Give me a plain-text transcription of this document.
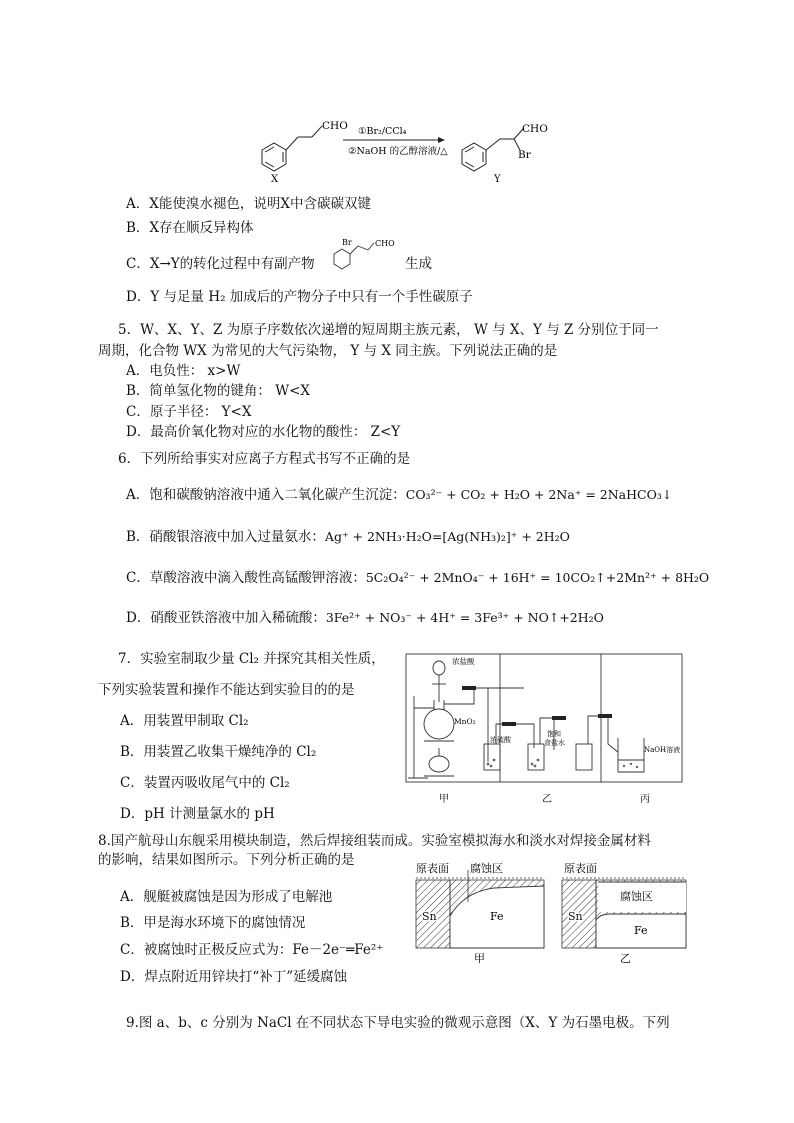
CHO
X
①Br₂/CCl₄
②NaOH 的乙醇溶液/△
CHO
Br
Y
A．X能使溴水褪色，说明X中含碳碳双键
B．X存在顺反异构体
C．X→Y的转化过程中有副产物
Br	CHO
生成
D．Y 与足量 H₂ 加成后的产物分子中只有一个手性碳原子
5．W、X、Y、Z 为原子序数依次递增的短周期主族元素， W 与 X、Y 与 Z 分别位于同一
周期，化合物 WX 为常见的大气污染物， Y 与 X 同主族。下列说法正确的是
A．电负性： x>W
B．简单氢化物的键角： W<X
C．原子半径： Y<X
D．最高价氧化物对应的水化物的酸性： Z<Y
6．下列所给事实对应离子方程式书写不正确的是
A．饱和碳酸钠溶液中通入二氧化碳产生沉淀：CO₃²⁻ + CO₂ + H₂O + 2Na⁺ = 2NaHCO₃↓
B．硝酸银溶液中加入过量氨水：Ag⁺ + 2NH₃·H₂O=[Ag(NH₃)₂]⁺ + 2H₂O
C．草酸溶液中滴入酸性高锰酸钾溶液：5C₂O₄²⁻ + 2MnO₄⁻ + 16H⁺ = 10CO₂↑+2Mn²⁺ + 8H₂O
D．硝酸亚铁溶液中加入稀硫酸：3Fe²⁺ + NO₃⁻ + 4H⁺ = 3Fe³⁺ + NO↑+2H₂O
7．实验室制取少量 Cl₂ 并探究其相关性质，
下列实验装置和操作不能达到实验目的的是
A．用装置甲制取 Cl₂
B．用装置乙收集干燥纯净的 Cl₂
C．装置丙吸收尾气中的 Cl₂
D．pH 计测量氯水的 pH
浓盐酸
MnO₂
浓硫酸
饱和
食盐水
NaOH溶液
甲	乙	丙
8.国产航母山东舰采用模块制造，然后焊接组装而成。实验室模拟海水和淡水对焊接金属材料
的影响，结果如图所示。下列分析正确的是
A．舰艇被腐蚀是因为形成了电解池
B．甲是海水环境下的腐蚀情况
C．被腐蚀时正极反应式为：Fe－2e⁻═Fe²⁺
D．焊点附近用锌块打“补丁”延缓腐蚀
原表面 腐蚀区
Sn	Fe
甲
原表面
腐蚀区
Sn
Fe
乙
9.图 a、b、c 分别为 NaCl 在不同状态下导电实验的微观示意图（X、Y 为石墨电极。下列
